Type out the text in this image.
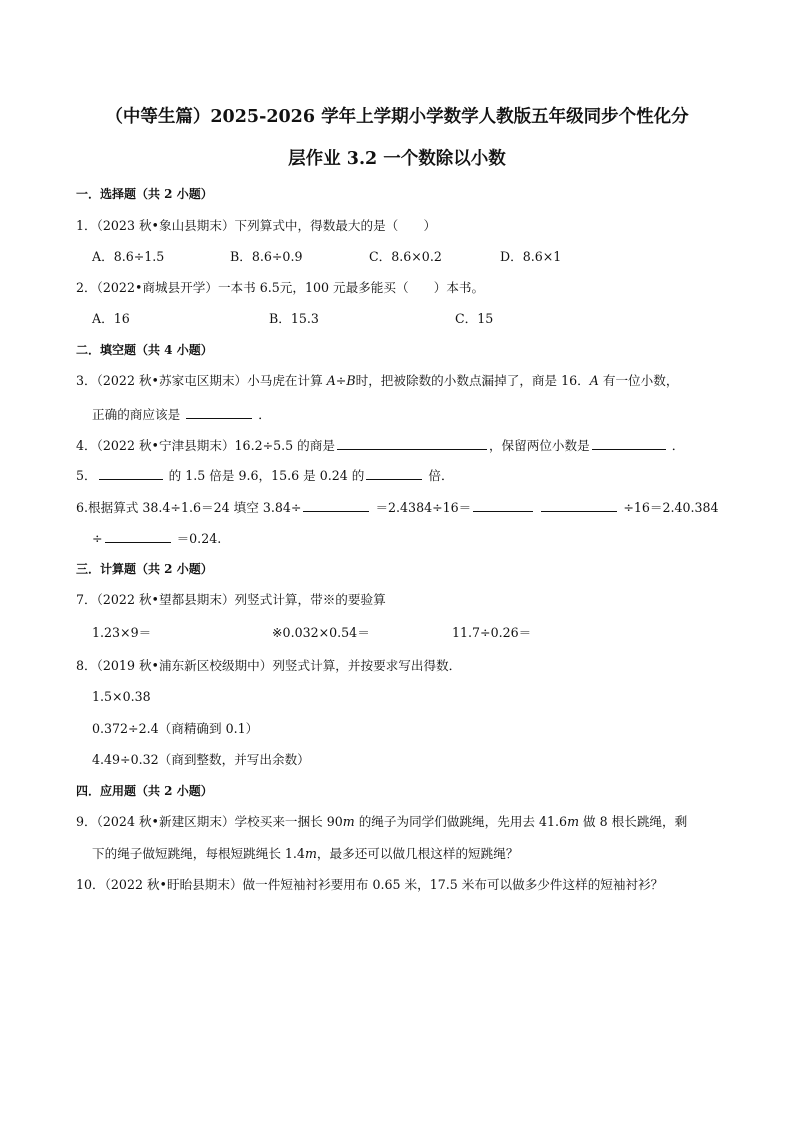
（中等生篇）2025-2026 学年上学期小学数学人教版五年级同步个性化分
层作业 3.2 一个数除以小数
一．选择题（共 2 小题）
1．（2023 秋•象山县期末）下列算式中，得数最大的是（　　）
A．8.6÷1.5	B．8.6÷0.9	C．8.6×0.2	D．8.6×1
2．（2022•商城县开学）一本书 6.5元，100 元最多能买（　　）本书。
A．16	B．15.3	C．15
二．填空题（共 4 小题）
3．（2022 秋•苏家屯区期末）小马虎在计算 A÷B时，把被除数的小数点漏掉了，商是 16．A 有一位小数，
正确的商应该是	．
4．（2022 秋•宁津县期末）16.2÷5.5 的商是	，保留两位小数是	．
5．	的 1.5 倍是 9.6，15.6 是 0.24 的	倍．
6.根据算式 38.4÷1.6＝24 填空 3.84÷	＝2.4384÷16＝	÷16＝2.40.384
÷	＝0.24.
三．计算题（共 2 小题）
7．（2022 秋•望都县期末）列竖式计算，带※的要验算
1.23×9＝	※0.032×0.54＝	11.7÷0.26＝
8．（2019 秋•浦东新区校级期中）列竖式计算，并按要求写出得数．
1.5×0.38
0.372÷2.4（商精确到 0.1）
4.49÷0.32（商到整数，并写出余数）
四．应用题（共 2 小题）
9．（2024 秋•新建区期末）学校买来一捆长 90m 的绳子为同学们做跳绳，先用去 41.6m 做 8 根长跳绳，剩
下的绳子做短跳绳，每根短跳绳长 1.4m，最多还可以做几根这样的短跳绳？
10．（2022 秋•盱眙县期末）做一件短袖衬衫要用布 0.65 米，17.5 米布可以做多少件这样的短袖衬衫？
